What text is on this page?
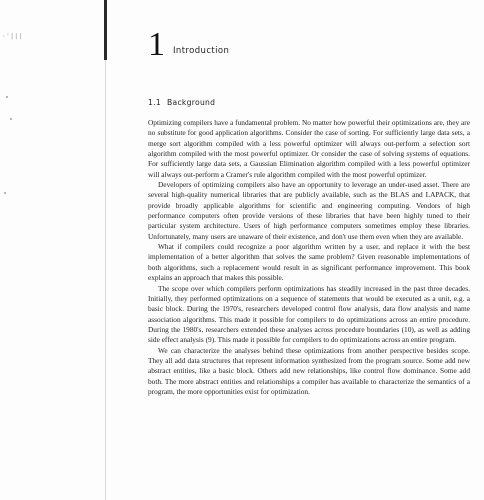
·ˈ|||	1 Introduction
1.1 Background

Optimizing compilers have a fundamental problem. No matter how powerful their optimizations are, they are no substitute for good application algorithms. Consider the case of sorting. For sufficiently large data sets, a merge sort algorithm compiled with a less powerful optimizer will always out-perform a selection sort algorithm compiled with the most powerful optimizer. Or consider the case of solving systems of equations. For sufficiently large data sets, a Gaussian Elimination algorithm compiled with a less powerful optimizer will always out-perform a Cramer's rule algorithm compiled with the most powerful optimizer.

Developers of optimizing compilers also have an opportunity to leverage an under-used asset. There are several high-quality numerical libraries that are publicly available, such as the BLAS and LAPACK, that provide broadly applicable algorithms for scientific and engineering computing. Vendors of high performance computers often provide versions of these libraries that have been highly tuned to their particular system architecture. Users of high performance computers sometimes employ these libraries. Unfortunately, many users are unaware of their existence, and don't use them even when they are available.

What if compilers could recognize a poor algorithm written by a user, and replace it with the best implementation of a better algorithm that solves the same problem? Given reasonable implementations of both algorithms, such a replacement would result in as significant performance improvement. This book explains an approach that makes this possible.

The scope over which compilers perform optimizations has steadily increased in the past three decades. Initially, they performed optimizations on a sequence of statements that would be executed as a unit, e.g. a basic block. During the 1970's, researchers developed control flow analysis, data flow analysis and name association algorithms. This made it possible for compilers to do optimizations across an entire procedure. During the 1980's, researchers extended these analyses across procedure boundaries (10), as well as adding side effect analysis (9). This made it possible for compilers to do optimizations across an entire program.

We can characterize the analyses behind these optimizations from another perspective besides scope. They all add data structures that represent information synthesized from the program source. Some add new abstract entities, like a basic block. Others add new relationships, like control flow dominance. Some add both. The more abstract entities and relationships a compiler has available to characterize the semantics of a program, the more opportunities exist for optimization.
